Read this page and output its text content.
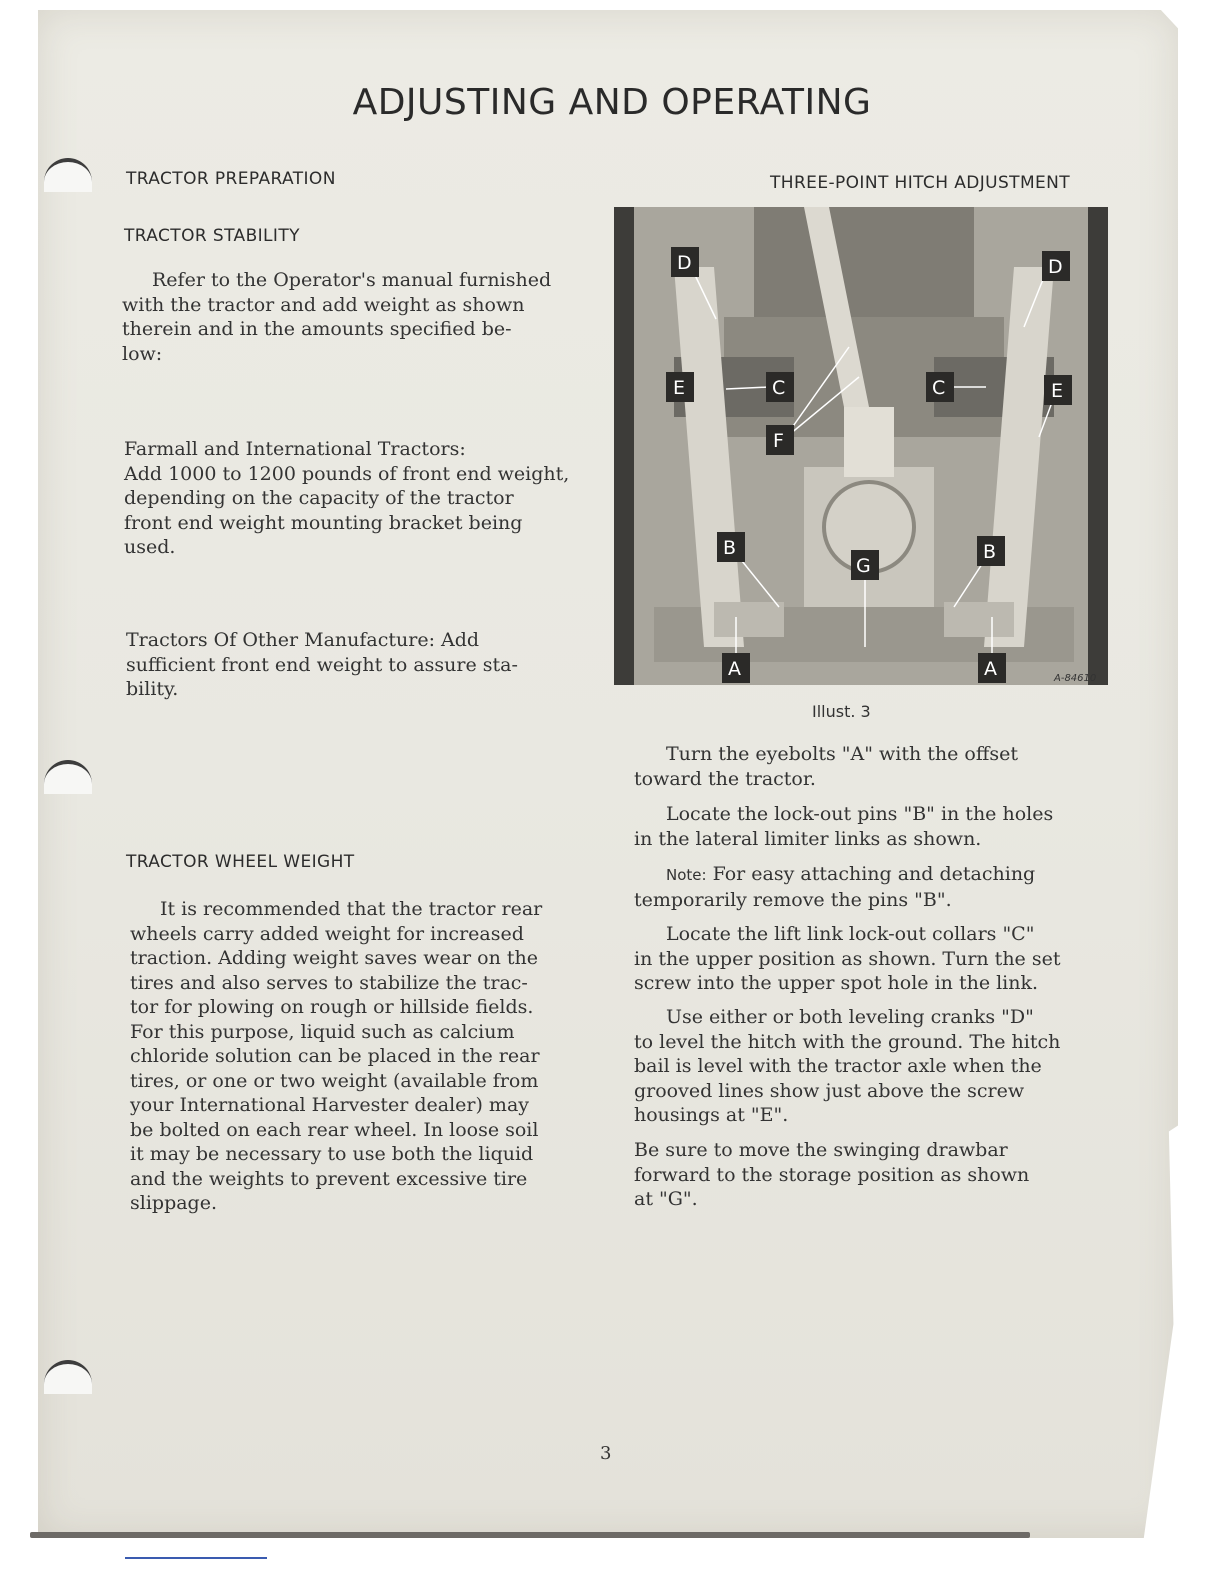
ADJUSTING AND OPERATING
TRACTOR PREPARATION
TRACTOR STABILITY

Refer to the Operator's manual furnished
with the tractor and add weight as shown
therein and in the amounts specified be-
low:

Farmall and International Tractors:
Add 1000 to 1200 pounds of front end weight,
depending on the capacity of the tractor
front end weight mounting bracket being
used.

Tractors Of Other Manufacture: Add
sufficient front end weight to assure sta-
bility.

TRACTOR WHEEL WEIGHT

It is recommended that the tractor rear
wheels carry added weight for increased
traction. Adding weight saves wear on the
tires and also serves to stabilize the trac-
tor for plowing on rough or hillside fields.
For this purpose, liquid such as calcium
chloride solution can be placed in the rear
tires, or one or two weight (available from
your International Harvester dealer) may
be bolted on each rear wheel. In loose soil
it may be necessary to use both the liquid
and the weights to prevent excessive tire
slippage.

THREE-POINT HITCH ADJUSTMENT
D	D
E	C	C	E
F
B
G
B
A	A	A-84610
Illust. 3

Turn the eyebolts "A" with the offset
toward the tractor.

Locate the lock-out pins "B" in the holes
in the lateral limiter links as shown.

Note: For easy attaching and detaching
temporarily remove the pins "B".

Locate the lift link lock-out collars "C"
in the upper position as shown. Turn the set
screw into the upper spot hole in the link.

Use either or both leveling cranks "D"
to level the hitch with the ground. The hitch
bail is level with the tractor axle when the
grooved lines show just above the screw
housings at "E".

Be sure to move the swinging drawbar
forward to the storage position as shown
at "G".

3
